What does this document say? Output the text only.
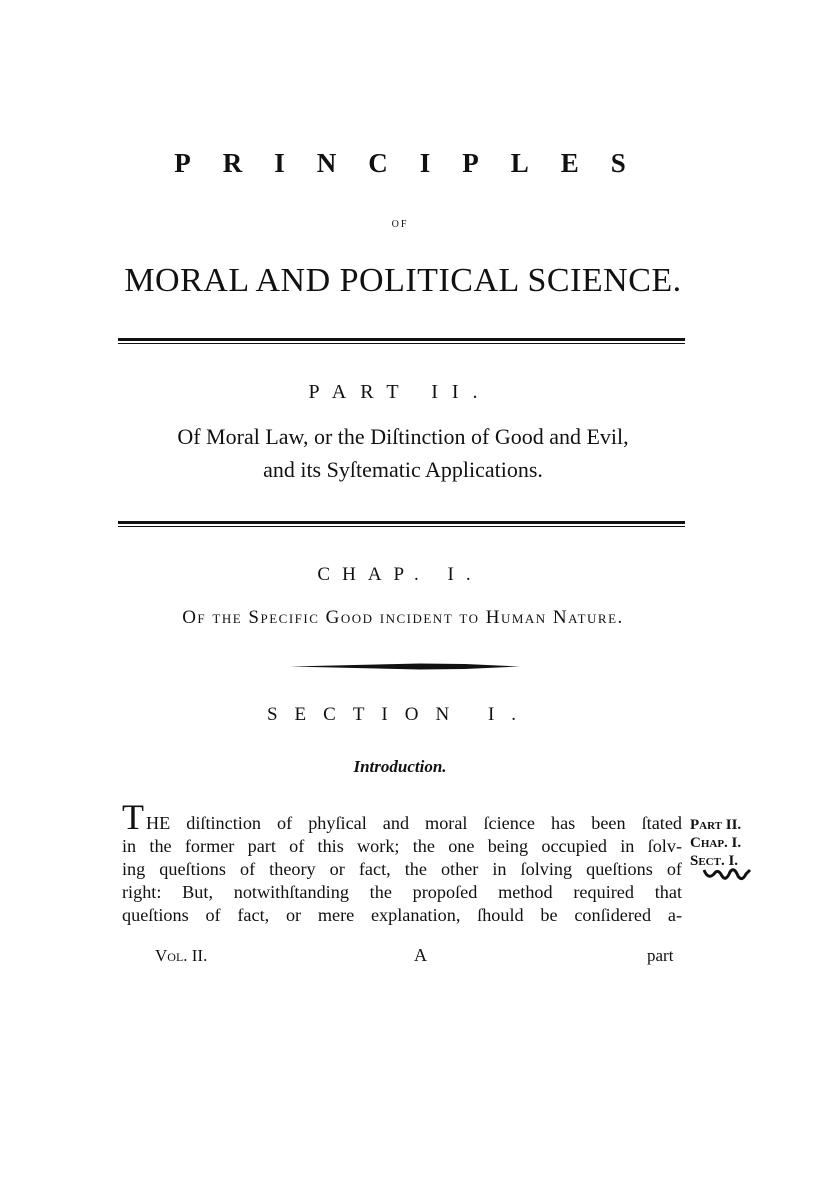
PRINCIPLES
OF
MORAL AND POLITICAL SCIENCE.
PART II.
Of Moral Law, or the Diſtinction of Good and Evil,
and its Syſtematic Applications.
CHAP. I.
Of the Specific Good incident to Human Nature.
SECTION I.
Introduction.
THE diſtinction of phyſical and moral ſcience has been ſtated
in the former part of this work; the one being occupied in ſolv-
ing queſtions of theory or fact, the other in ſolving queſtions of
right: But, notwithſtanding the propoſed method required that
queſtions of fact, or mere explanation, ſhould be conſidered a-
Part II.
Chap. I.
Sect. I.
Vol. II.	A	part
